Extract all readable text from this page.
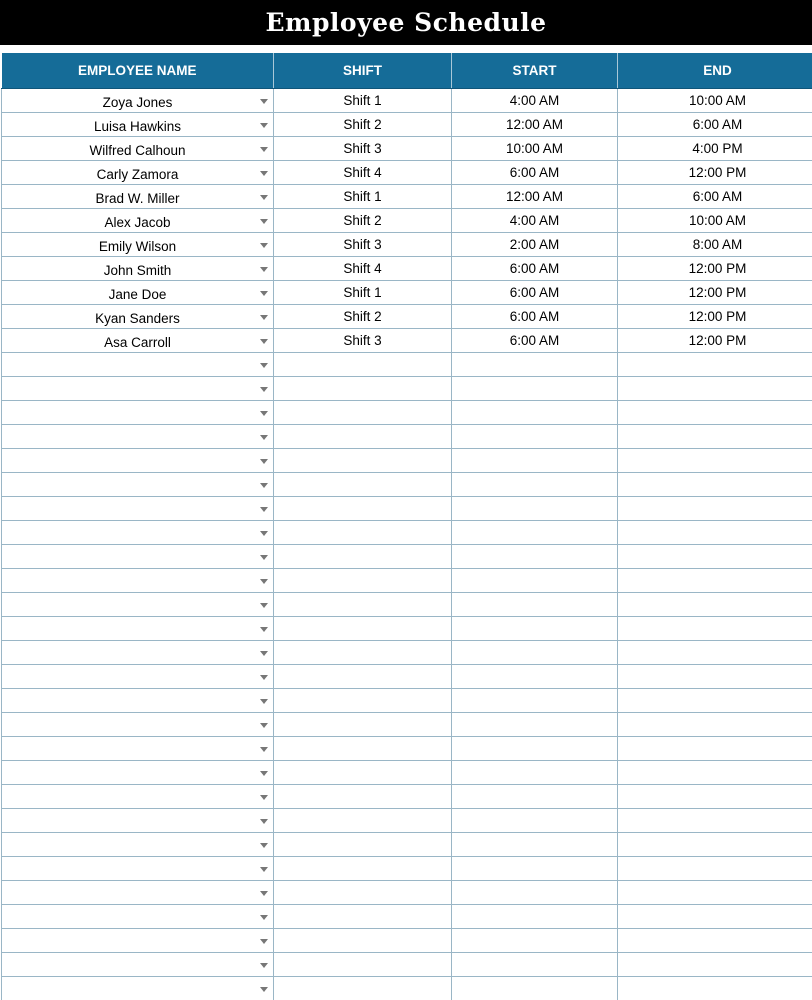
Employee Schedule
EMPLOYEE NAME	SHIFT	START	END
Zoya Jones	Shift 1	4:00 AM	10:00 AM
Luisa Hawkins	Shift 2	12:00 AM	6:00 AM
Wilfred Calhoun	Shift 3	10:00 AM	4:00 PM
Carly Zamora	Shift 4	6:00 AM	12:00 PM
Brad W. Miller	Shift 1	12:00 AM	6:00 AM
Alex Jacob	Shift 2	4:00 AM	10:00 AM
Emily Wilson	Shift 3	2:00 AM	8:00 AM
John Smith	Shift 4	6:00 AM	12:00 PM
Jane Doe	Shift 1	6:00 AM	12:00 PM
Kyan Sanders	Shift 2	6:00 AM	12:00 PM
Asa Carroll	Shift 3	6:00 AM	12:00 PM
